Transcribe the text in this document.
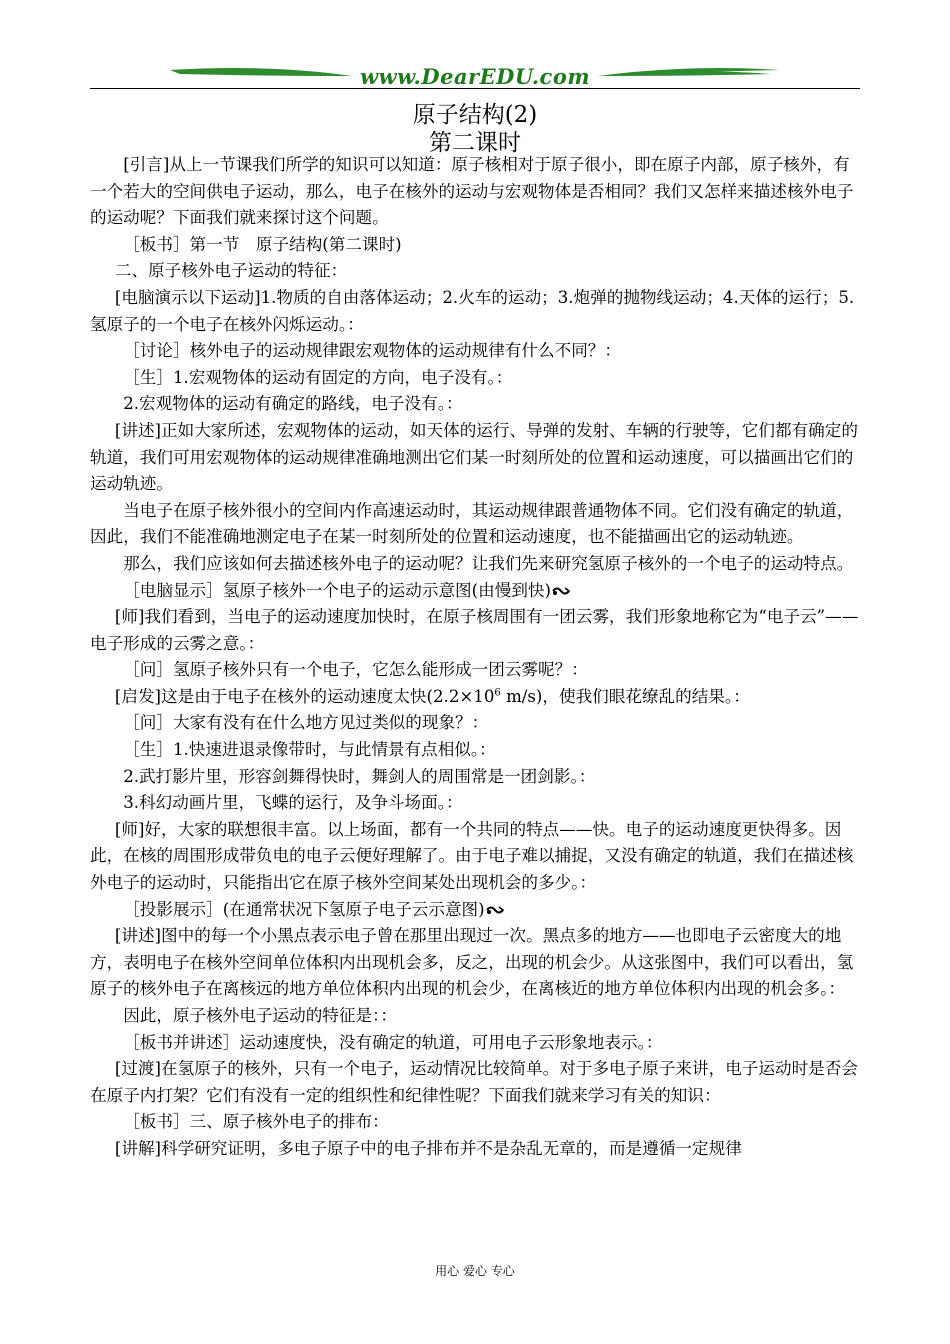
www.DearEDU.com
原子结构(2)
第二课时

[引言]从上一节课我们所学的知识可以知道：原子核相对于原子很小，即在原子内部，原子核外，有一个若大的空间供电子运动，那么，电子在核外的运动与宏观物体是否相同？我们又怎样来描述核外电子的运动呢？下面我们就来探讨这个问题。

［板书］第一节　原子结构(第二课时)

二、原子核外电子运动的特征：

[电脑演示以下运动]1.物质的自由落体运动；2.火车的运动；3.炮弹的抛物线运动；4.天体的运行；5.氢原子的一个电子在核外闪烁运动。：

［讨论］核外电子的运动规律跟宏观物体的运动规律有什么不同？：

［生］1.宏观物体的运动有固定的方向，电子没有。：

2.宏观物体的运动有确定的路线，电子没有。：

[讲述]正如大家所述，宏观物体的运动，如天体的运行、导弹的发射、车辆的行驶等，它们都有确定的轨道，我们可用宏观物体的运动规律准确地测出它们某一时刻所处的位置和运动速度，可以描画出它们的运动轨迹。

当电子在原子核外很小的空间内作高速运动时，其运动规律跟普通物体不同。它们没有确定的轨道，因此，我们不能准确地测定电子在某一时刻所处的位置和运动速度，也不能描画出它的运动轨迹。

那么，我们应该如何去描述核外电子的运动呢？让我们先来研究氢原子核外的一个电子的运动特点。

［电脑显示］氢原子核外一个电子的运动示意图(由慢到快)

[师]我们看到，当电子的运动速度加快时，在原子核周围有一团云雾，我们形象地称它为“电子云”——电子形成的云雾之意。：

［问］氢原子核外只有一个电子，它怎么能形成一团云雾呢？：

[启发]这是由于电子在核外的运动速度太快($2.2\times 10^6$ m/s)，使我们眼花缭乱的结果。：

［问］大家有没有在什么地方见过类似的现象？：

［生］1.快速进退录像带时，与此情景有点相似。：

2.武打影片里，形容剑舞得快时，舞剑人的周围常是一团剑影。：

3.科幻动画片里，飞蝶的运行，及争斗场面。：

[师]好，大家的联想很丰富。以上场面，都有一个共同的特点——快。电子的运动速度更快得多。因此，在核的周围形成带负电的电子云便好理解了。由于电子难以捕捉，又没有确定的轨道，我们在描述核外电子的运动时，只能指出它在原子核外空间某处出现机会的多少。：

［投影展示］(在通常状况下氢原子电子云示意图)

[讲述]图中的每一个小黑点表示电子曾在那里出现过一次。黑点多的地方——也即电子云密度大的地方，表明电子在核外空间单位体积内出现机会多，反之，出现的机会少。从这张图中，我们可以看出，氢原子的核外电子在离核远的地方单位体积内出现的机会少，在离核近的地方单位体积内出现的机会多。：

因此，原子核外电子运动的特征是：：

［板书并讲述］运动速度快，没有确定的轨道，可用电子云形象地表示。：

[过渡]在氢原子的核外，只有一个电子，运动情况比较简单。对于多电子原子来讲，电子运动时是否会在原子内打架？它们有没有一定的组织性和纪律性呢？下面我们就来学习有关的知识：

［板书］三、原子核外电子的排布：

[讲解]科学研究证明，多电子原子中的电子排布并不是杂乱无章的，而是遵循一定规律

用心 爱心 专心
